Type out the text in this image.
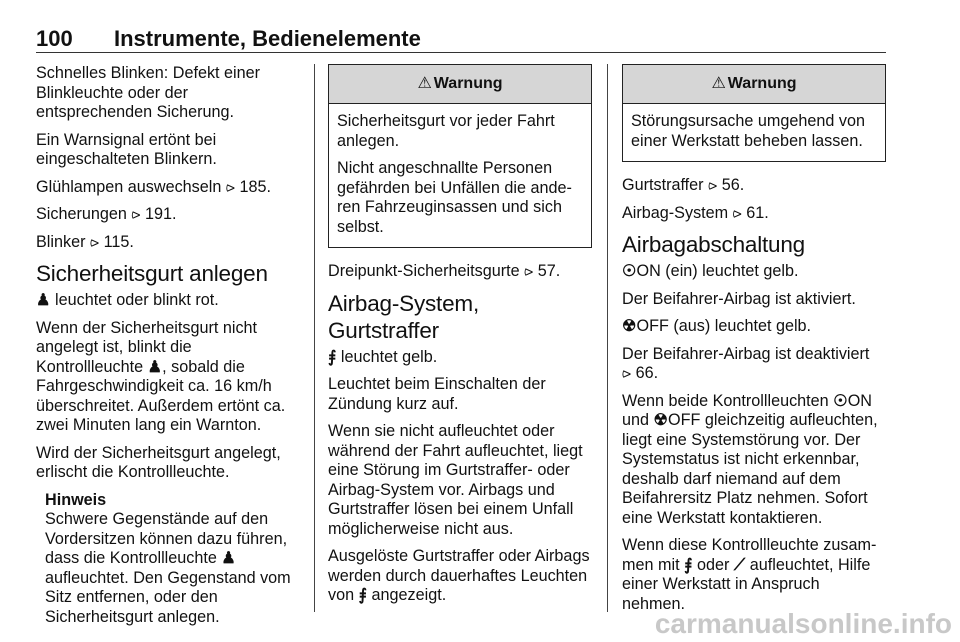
100 Instrumente, Bedienelemente

Schnelles Blinken: Defekt einer Blinkleuchte oder der entsprechenden Sicherung.

Ein Warnsignal ertönt bei eingeschalteten Blinkern.

Glühlampen auswechseln ⪧ 185.

Sicherungen ⪧ 191.

Blinker ⪧ 115.

Sicherheitsgurt anlegen

♟ leuchtet oder blinkt rot.

Wenn der Sicherheitsgurt nicht angelegt ist, blinkt die Kontrollleuchte ♟, sobald die Fahrgeschwindigkeit ca. 16 km/h überschreitet. Außerdem ertönt ca. zwei Minuten lang ein Warnton.

Wird der Sicherheitsgurt angelegt, erlischt die Kontrollleuchte.

Hinweis
Schwere Gegenstände auf den Vordersitzen können dazu führen, dass die Kontrollleuchte ♟ aufleuchtet. Den Gegenstand vom Sitz entfernen, oder den Sicherheitsgurt anlegen.
⚠ Warnung

Sicherheitsgurt vor jeder Fahrt anlegen.

Nicht angeschnallte Personen gefährden bei Unfällen die anderen Fahrzeuginsassen und sich selbst.

Dreipunkt-Sicherheitsgurte ⪧ 57.

Airbag-System, Gurtstraffer

⨎ leuchtet gelb.

Leuchtet beim Einschalten der Zündung kurz auf.

Wenn sie nicht aufleuchtet oder während der Fahrt aufleuchtet, liegt eine Störung im Gurtstraffer- oder Airbag-System vor. Airbags und Gurtstraffer lösen bei einem Unfall möglicherweise nicht aus.

Ausgelöste Gurtstraffer oder Airbags werden durch dauerhaftes Leuchten von ⨎ angezeigt.

⚠ Warnung

Störungsursache umgehend von einer Werkstatt beheben lassen.

Gurtstraffer ⪧ 56.

Airbag-System ⪧ 61.

Airbagabschaltung

☉ON (ein) leuchtet gelb.

Der Beifahrer-Airbag ist aktiviert.

☢OFF (aus) leuchtet gelb.

Der Beifahrer-Airbag ist deaktiviert
⪧ 66.

Wenn beide Kontrollleuchten ☉ON und ☢OFF gleichzeitig aufleuchten, liegt eine Systemstörung vor. Der Systemstatus ist nicht erkennbar, deshalb darf niemand auf dem Beifahrersitz Platz nehmen. Sofort eine Werkstatt kontaktieren.

Wenn diese Kontrollleuchte zusammen mit ⨎ oder ⟋ aufleuchtet, Hilfe einer Werkstatt in Anspruch nehmen.

carmanualsonline.info
